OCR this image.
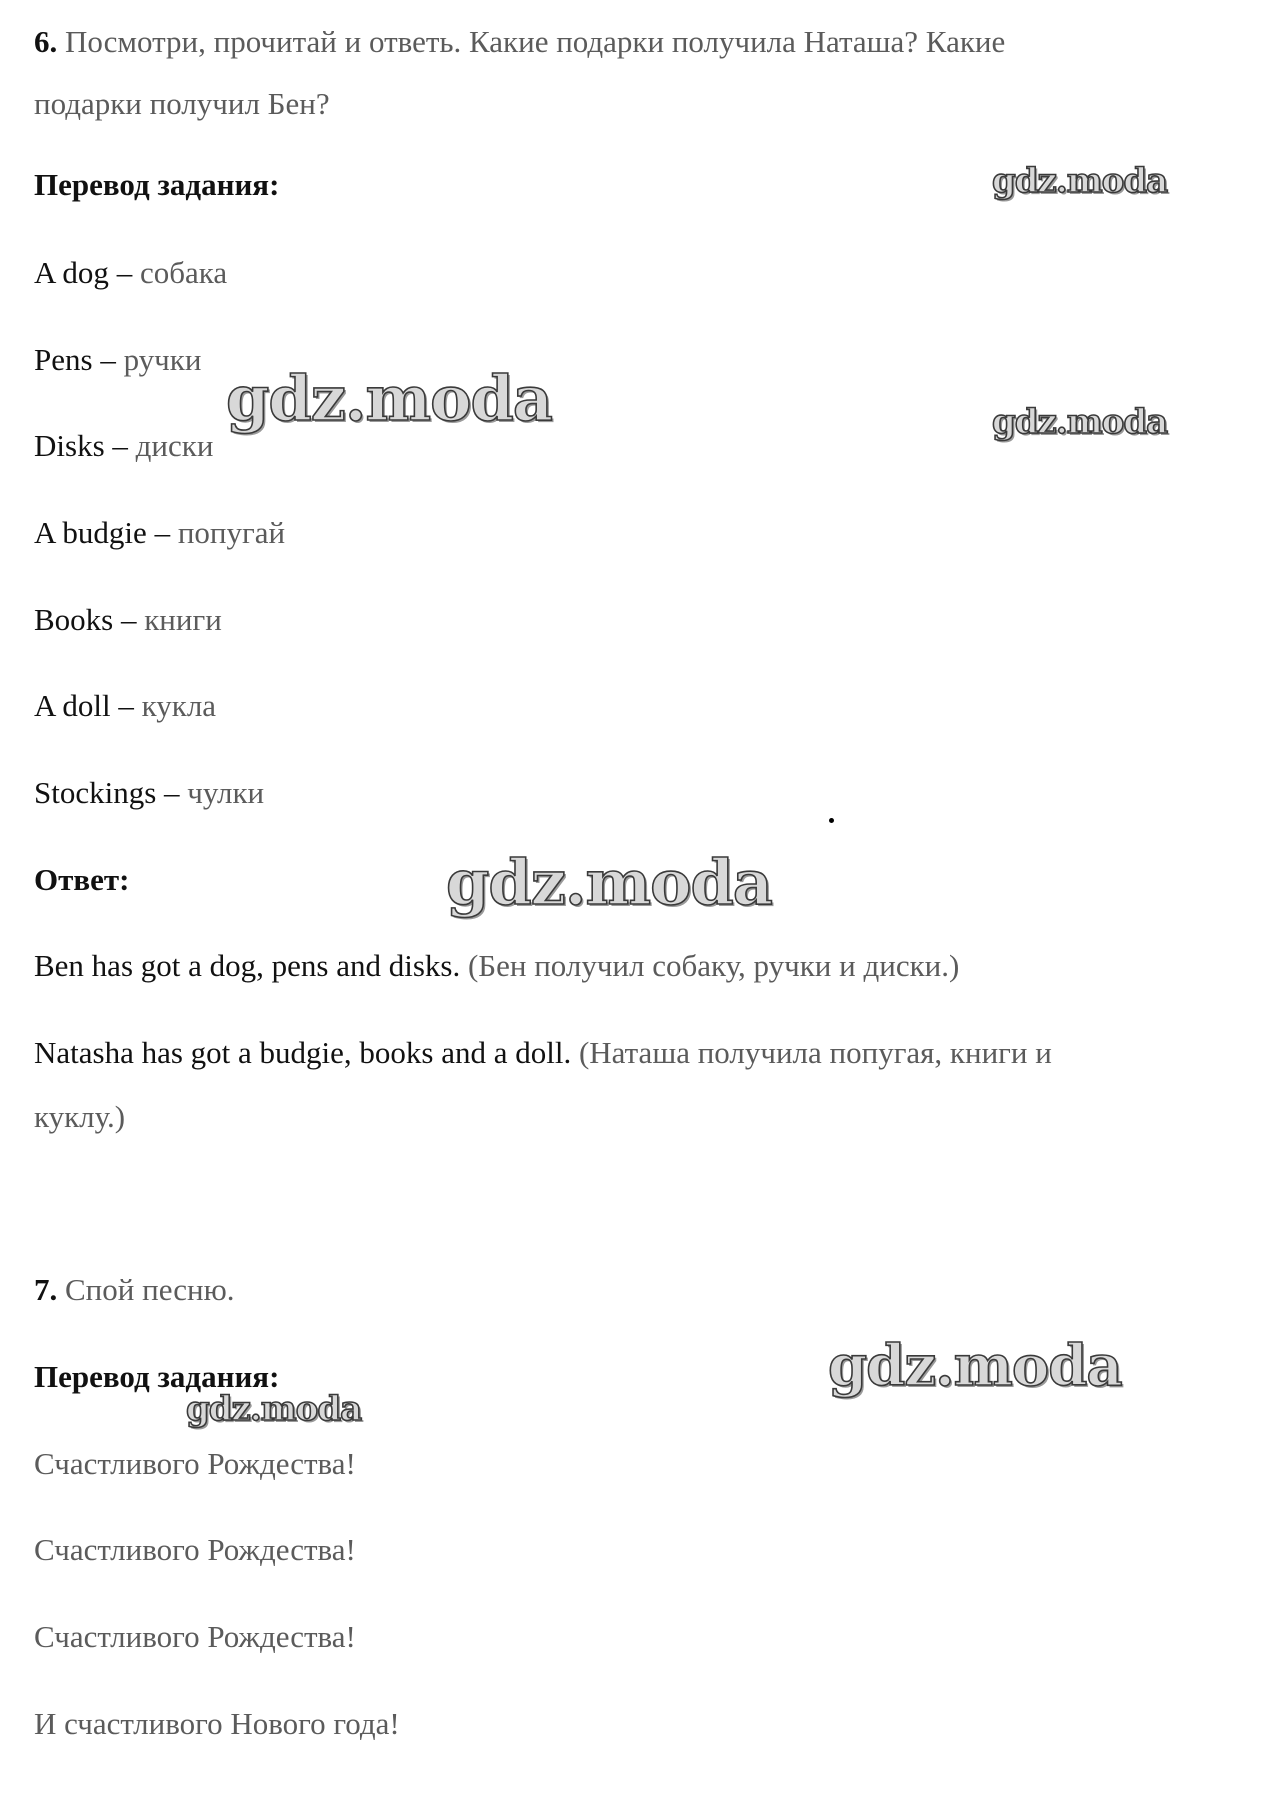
6. Посмотри, прочитай и ответь. Какие подарки получила Наташа? Какие
подарки получил Бен?
Перевод задания:
A dog – собака
Pens – ручки
Disks – диски
A budgie – попугай
Books – книги
A doll – кукла
Stockings – чулки
Ответ:
Ben has got a dog, pens and disks. (Бен получил собаку, ручки и диски.)
Natasha has got a budgie, books and a doll. (Наташа получила попугая, книги и
куклу.)
7. Спой песню.
Перевод задания:
Счастливого Рождества!
Счастливого Рождества!
Счастливого Рождества!
И счастливого Нового года!
gdz.moda
gdz.moda	gdz.moda
gdz.moda
gdz.moda
gdz.moda
